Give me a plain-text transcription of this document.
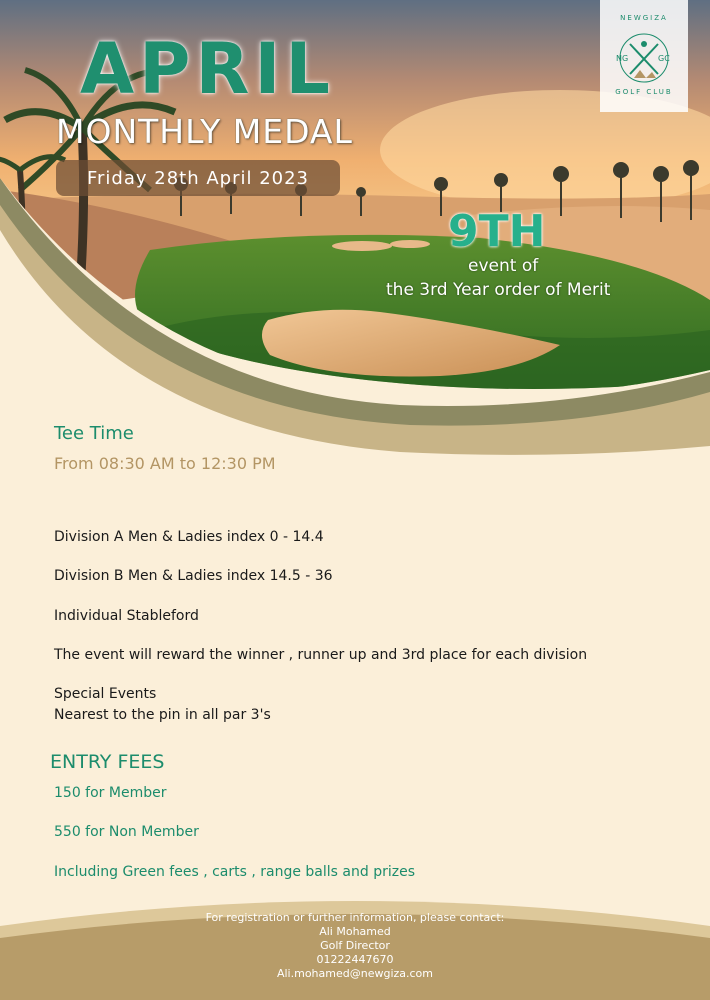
NEWGIZA
NG	GC
GOLF CLUB
APRIL
MONTHLY MEDAL
Friday 28th April 2023
9TH
event of
the 3rd Year order of Merit
Tee Time
From 08:30 AM to 12:30 PM
Division A Men & Ladies index 0 - 14.4
Division B Men & Ladies index 14.5 - 36
Individual Stableford
The event will reward the winner , runner up and 3rd place for each division
Special Events
Nearest to the pin in all par 3's
ENTRY FEES
150 for Member
550 for Non Member
Including Green fees , carts , range balls and prizes
For registration or further information, please contact:
Ali Mohamed
Golf Director
01222447670
Ali.mohamed@newgiza.com
